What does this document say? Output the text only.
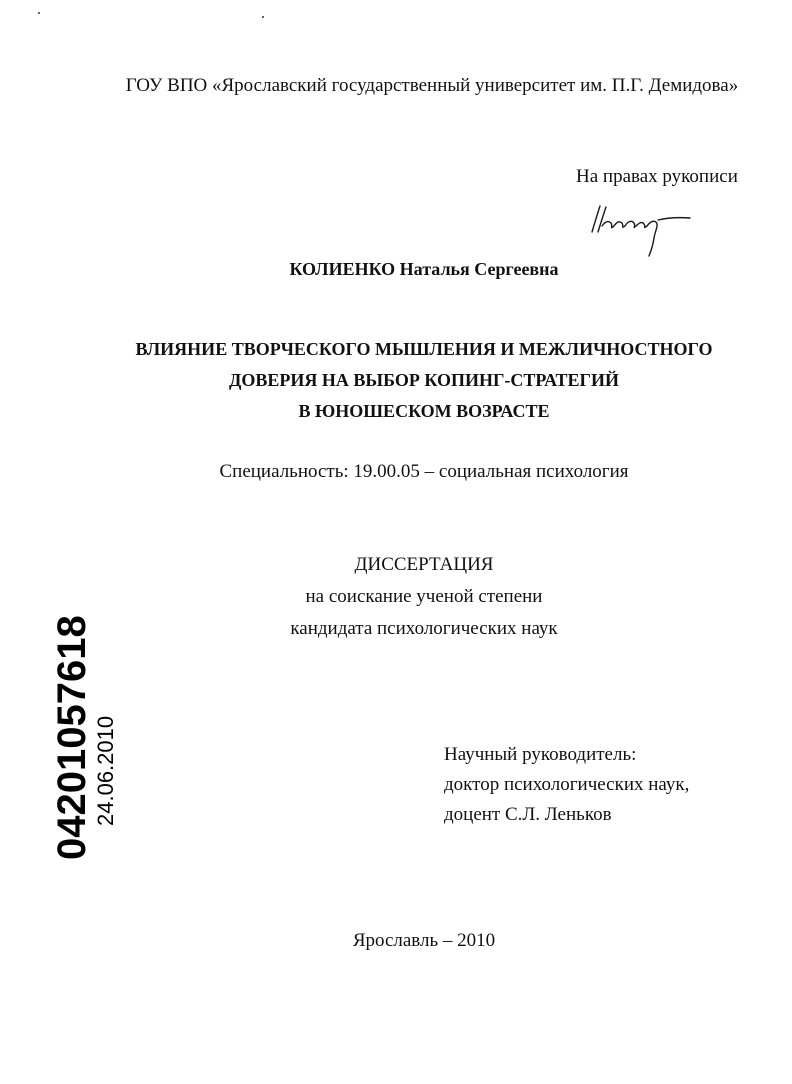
ГОУ ВПО «Ярославский государственный университет им. П.Г. Демидова»
На правах рукописи
КОЛИЕНКО Наталья Сергеевна
ВЛИЯНИЕ ТВОРЧЕСКОГО МЫШЛЕНИЯ И МЕЖЛИЧНОСТНОГО
ДОВЕРИЯ НА ВЫБОР КОПИНГ-СТРАТЕГИЙ
В ЮНОШЕСКОМ ВОЗРАСТЕ
Специальность: 19.00.05 – социальная психология
ДИССЕРТАЦИЯ
на соискание ученой степени
кандидата психологических наук
Научный руководитель:
доктор психологических наук,
доцент С.Л. Леньков
04201057618 24.06.2010
Ярославль – 2010
